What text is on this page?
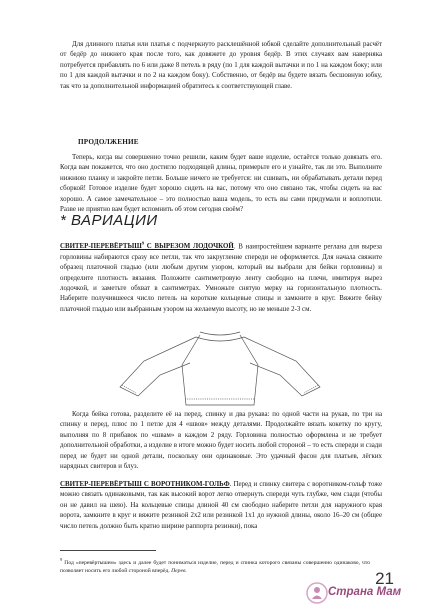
Для длинного платья или платья с подчеркнуто расклешённой юбкой сделайте дополнительный расчёт от бедёр до нижнего края после того, как довяжете до уровня бедёр. В этих случаях вам наверняка потребуется прибавлять по 6 или даже 8 петель в ряду (по 1 для каждой вытачки и по 1 на каждом боку; или по 1 для каждой вытачки и по 2 на каждом боку). Собственно, от бедёр вы будете вязать бесшовную юбку, так что за дополнительной информацией обратитесь к соответствующей главе.

ПРОДОЛЖЕНИЕ

Теперь, когда вы совершенно точно решили, каким будет ваше изделие, остаётся только довязать его. Когда вам покажется, что оно достигло подходящей длины, примерьте его и узнайте, так ли это. Выполните нижнюю планку и закройте петли. Больше ничего не требуется: ни сшивать, ни обрабатывать детали перед сборкой! Готовое изделие будет хорошо сидеть на вас, потому что оно связано так, чтобы сидеть на вас хорошо. А самое замечательное – это полностью ваша модель, то есть вы сами придумали и воплотили. Разве не приятно вам будет вспомнить об этом сегодня своём?

* ВАРИАЦИИ

СВИТЕР-ПЕРЕВЁРТЫШ$^9$ С ВЫРЕЗОМ ЛОДОЧКОЙ. В наипростейшем варианте реглана для выреза горловины набираются сразу все петли, так что закругление спереди не оформляется. Для начала свяжите образец платочной гладью (или любым другим узором, который вы выбрали для бейки горловины) и определите плотность вязания. Положите сантиметровую ленту свободно на плечи, имитируя вырез лодочкой, и заметьте обхват в сантиметрах. Умножьте снятую мерку на горизонтальную плотность. Наберите получившееся число петель на короткие кольцевые спицы и замкните в круг. Вяжите бейку платочной гладью или выбранным узором на желаемую высоту, но не меньше 2-3 см.

Когда бейка готова, разделите её на перед, спинку и два рукава: по одной части на рукав, по три на спинку и перед, плюс по 1 петле для 4 «швов» между деталями. Продолжайте вязать кокетку по кругу, выполняя по 8 прибавок по «швам» в каждом 2 ряду. Горловина полностью оформлена и не требует дополнительной обработки, а изделие в итоге можно будет носить любой стороной – то есть спереди и сзади перед не будет ни одной детали, поскольку они одинаковые. Это удачный фасон для платьев, лёгких нарядных свитеров и блуз.

СВИТЕР-ПЕРЕВЁРТЫШ С ВОРОТНИКОМ-ГОЛЬФ. Перед и спинку свитера с воротником-гольф тоже можно связать одинаковыми, так как высокий ворот легко отвернуть спереди чуть глубже, чем сзади (чтобы он не давил на шею). На кольцевые спицы длиной 40 см свободно наберите петли для наружного края ворота, замкните в круг и вяжите резинкой 2х2 или резинкой 1х1 до нужной длины, около 16–20 см (общее число петель должно быть кратно ширине раппорта резинки), пока

$^9$ Под «перевёртышем» здесь и далее будет пониматься изделие, перед и спинка которого связаны совершенно одинаково, что позволяет носить его любой стороной вперёд. Перев.	21
Страна Мам
